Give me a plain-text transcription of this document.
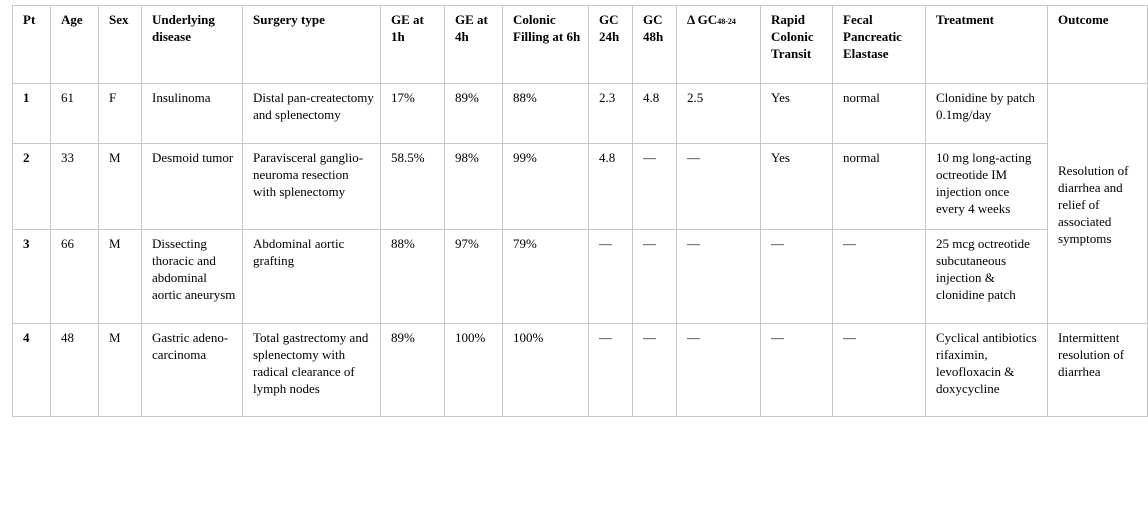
Pt	Age	Sex	Underlying disease	Surgery type	GE at 1h	GE at 4h	Colonic Filling at 6h	GC 24h	GC 48h	Δ GC48-24	Rapid Colonic Transit	Fecal Pancreatic Elastase	Treatment	Outcome
1	61	F	Insulinoma	Distal pan-createctomy and splenectomy	17%	89%	88%	2.3	4.8	2.5	Yes	normal	Clonidine by patch 0.1mg/day	Resolution of diarrhea and relief of associated symptoms
2	33	M	Desmoid tumor	Paravisceral ganglio-neuroma resection with splenectomy	58.5%	98%	99%	4.8	—	—	Yes	normal	10 mg long-acting octreotide IM injection once every 4 weeks	
3	66	M	Dissecting thoracic and abdominal aortic aneurysm	Abdominal aortic grafting	88%	97%	79%	—	—	—	—	—	25 mcg octreotide subcutaneous injection & clonidine patch	
4	48	M	Gastric adeno-carcinoma	Total gastrectomy and splenectomy with radical clearance of lymph nodes	89%	100%	100%	—	—	—	—	—	Cyclical antibiotics rifaximin, levofloxacin & doxycycline	Intermittent resolution of diarrhea
